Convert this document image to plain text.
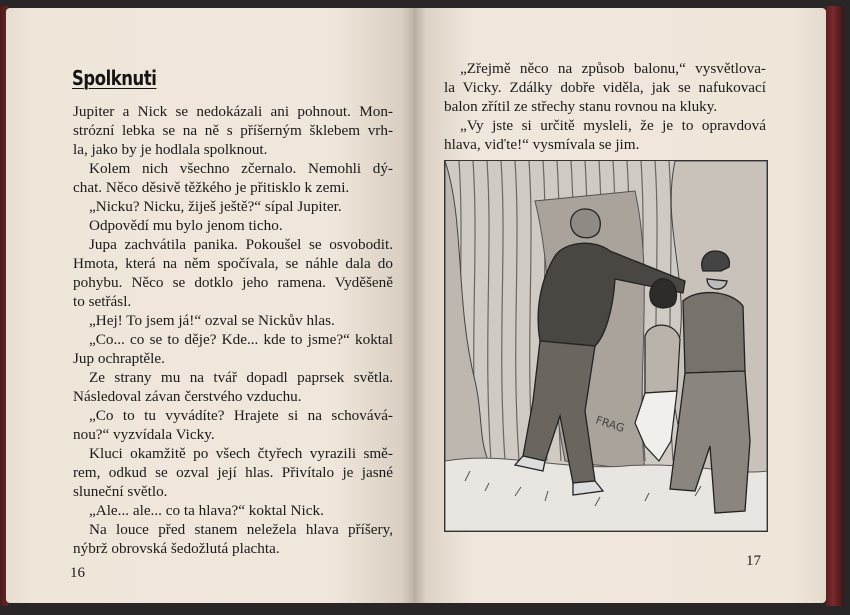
Spolknuti
Jupiter a Nick se nedokázali ani pohnout. Mon-
strózní lebka se na ně s příšerným šklebem vrh-
la, jako by je hodlala spolknout.
Kolem nich všechno zčernalo. Nemohli dý-
chat. Něco děsivě těžkého je přitisklo k zemi.
„Nicku? Nicku, žiješ ještě?“ sípal Jupiter.
Odpovědí mu bylo jenom ticho.
Jupa zachvátila panika. Pokoušel se osvobodit.
Hmota, která na něm spočívala, se náhle dala do
pohybu. Něco se dotklo jeho ramena. Vyděšeně
to setřásl.
„Hej! To jsem já!“ ozval se Nickův hlas.
„Co... co se to děje? Kde... kde to jsme?“ koktal
Jup ochraptěle.
Ze strany mu na tvář dopadl paprsek světla.
Následoval závan čerstvého vzduchu.
„Co to tu vyvádíte? Hrajete si na schovává-
nou?“ vyzvídala Vicky.
Kluci okamžitě po všech čtyřech vyrazili smě-
rem, odkud se ozval její hlas. Přivítalo je jasné
sluneční světlo.
„Ale... ale... co ta hlava?“ koktal Nick.
Na louce před stanem neležela hlava příšery,
nýbrž obrovská šedožlutá plachta.
„Zřejmě něco na způsob balonu,“ vysvětlova-
la Vicky. Zdálky dobře viděla, jak se nafukovací
balon zřítil ze střechy stanu rovnou na kluky.
„Vy jste si určitě mysleli, že je to opravdová
hlava, viďte!“ vysmívala se jim.
FRAG
16
17
